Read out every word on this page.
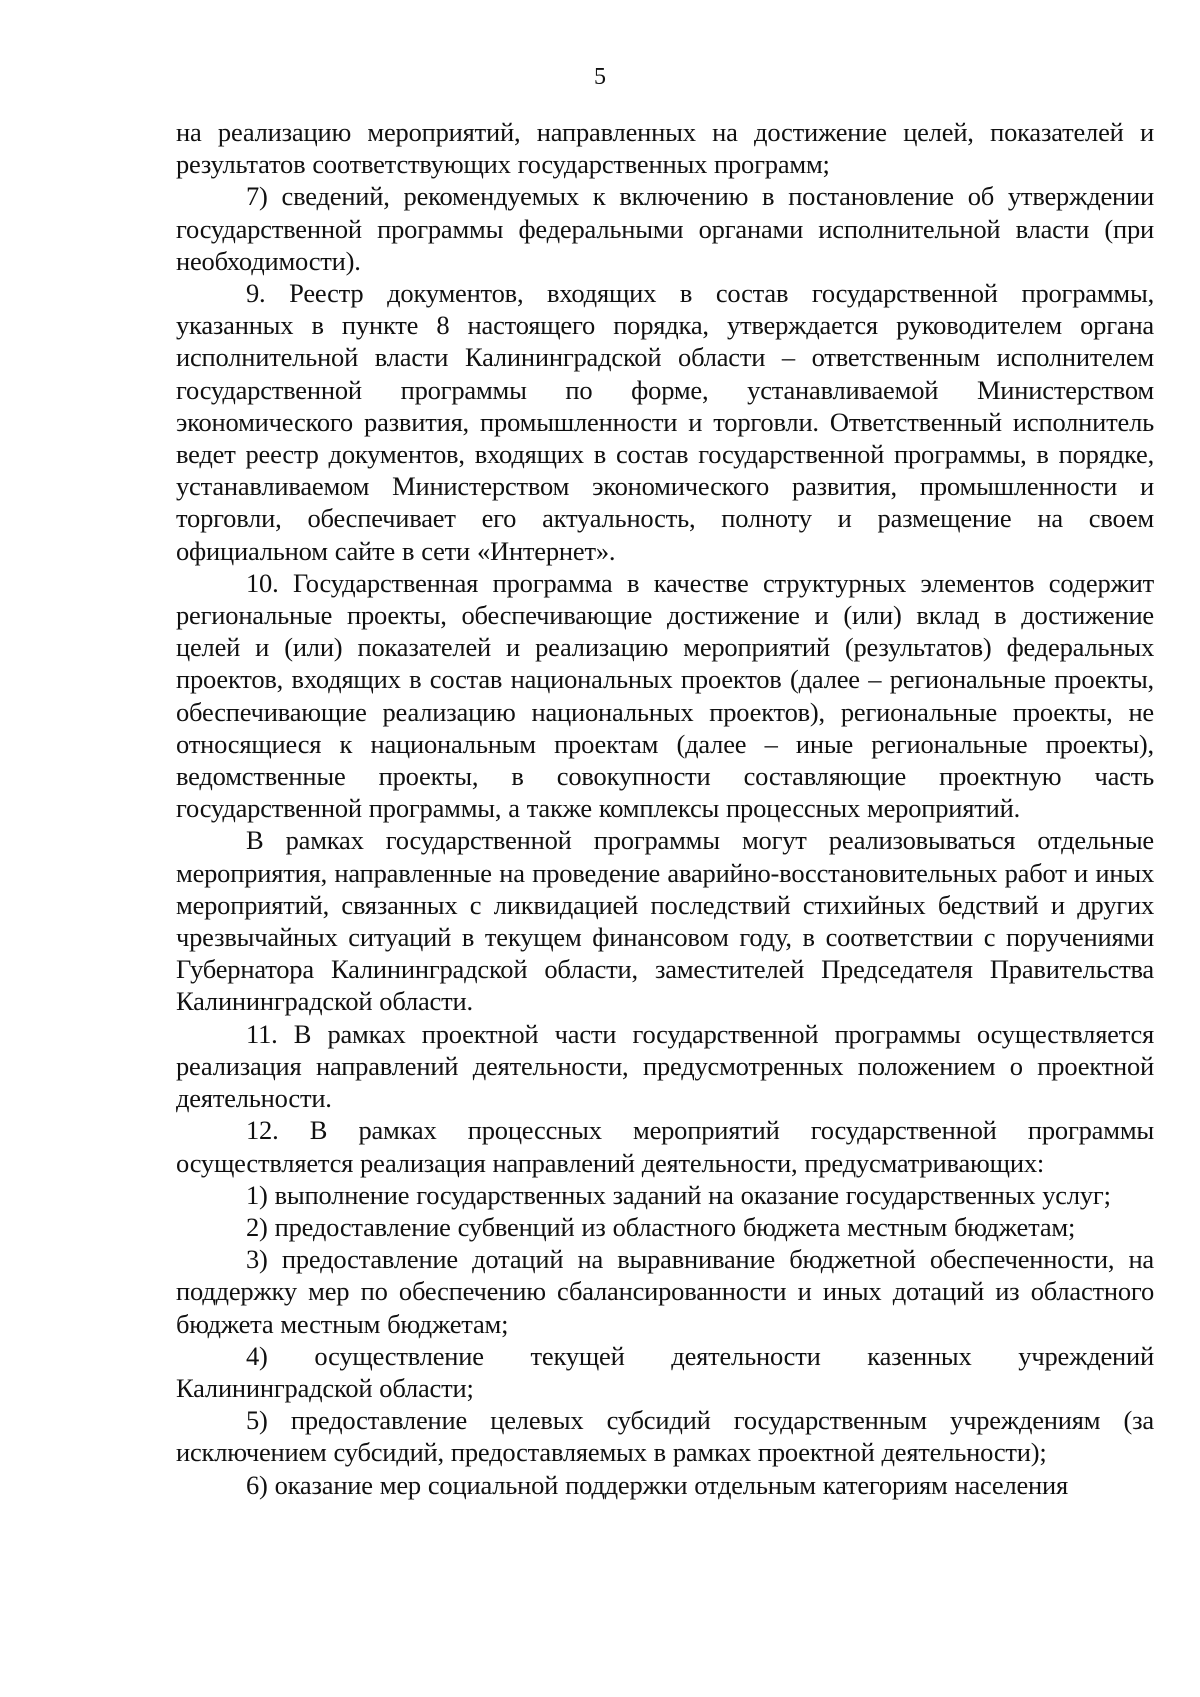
5

на реализацию мероприятий, направленных на достижение целей, показателей и результатов соответствующих государственных программ;

7) сведений, рекомендуемых к включению в постановление об утверждении государственной программы федеральными органами исполнительной власти (при необходимости).

9. Реестр документов, входящих в состав государственной программы, указанных в пункте 8 настоящего порядка, утверждается руководителем органа исполнительной власти Калининградской области – ответственным исполнителем государственной программы по форме, устанавливаемой Министерством экономического развития, промышленности и торговли. Ответственный исполнитель ведет реестр документов, входящих в состав государственной программы, в порядке, устанавливаемом Министерством экономического развития, промышленности и торговли, обеспечивает его актуальность, полноту и размещение на своем официальном сайте в сети «Интернет».

10. Государственная программа в качестве структурных элементов содержит региональные проекты, обеспечивающие достижение и (или) вклад в достижение целей и (или) показателей и реализацию мероприятий (результатов) федеральных проектов, входящих в состав национальных проектов (далее – региональные проекты, обеспечивающие реализацию национальных проектов), региональные проекты, не относящиеся к национальным проектам (далее – иные региональные проекты), ведомственные проекты, в совокупности составляющие проектную часть государственной программы, а также комплексы процессных мероприятий.

В рамках государственной программы могут реализовываться отдельные мероприятия, направленные на проведение аварийно-восстановительных работ и иных мероприятий, связанных с ликвидацией последствий стихийных бедствий и других чрезвычайных ситуаций в текущем финансовом году, в соответствии с поручениями Губернатора Калининградской области, заместителей Председателя Правительства Калининградской области.

11. В рамках проектной части государственной программы осуществляется реализация направлений деятельности, предусмотренных положением о проектной деятельности.

12. В рамках процессных мероприятий государственной программы осуществляется реализация направлений деятельности, предусматривающих:

1) выполнение государственных заданий на оказание государственных услуг;

2) предоставление субвенций из областного бюджета местным бюджетам;

3) предоставление дотаций на выравнивание бюджетной обеспеченности, на поддержку мер по обеспечению сбалансированности и иных дотаций из областного бюджета местным бюджетам;

4) осуществление текущей деятельности казенных учреждений Калининградской области;

5) предоставление целевых субсидий государственным учреждениям (за исключением субсидий, предоставляемых в рамках проектной деятельности);

6) оказание мер социальной поддержки отдельным категориям населения
